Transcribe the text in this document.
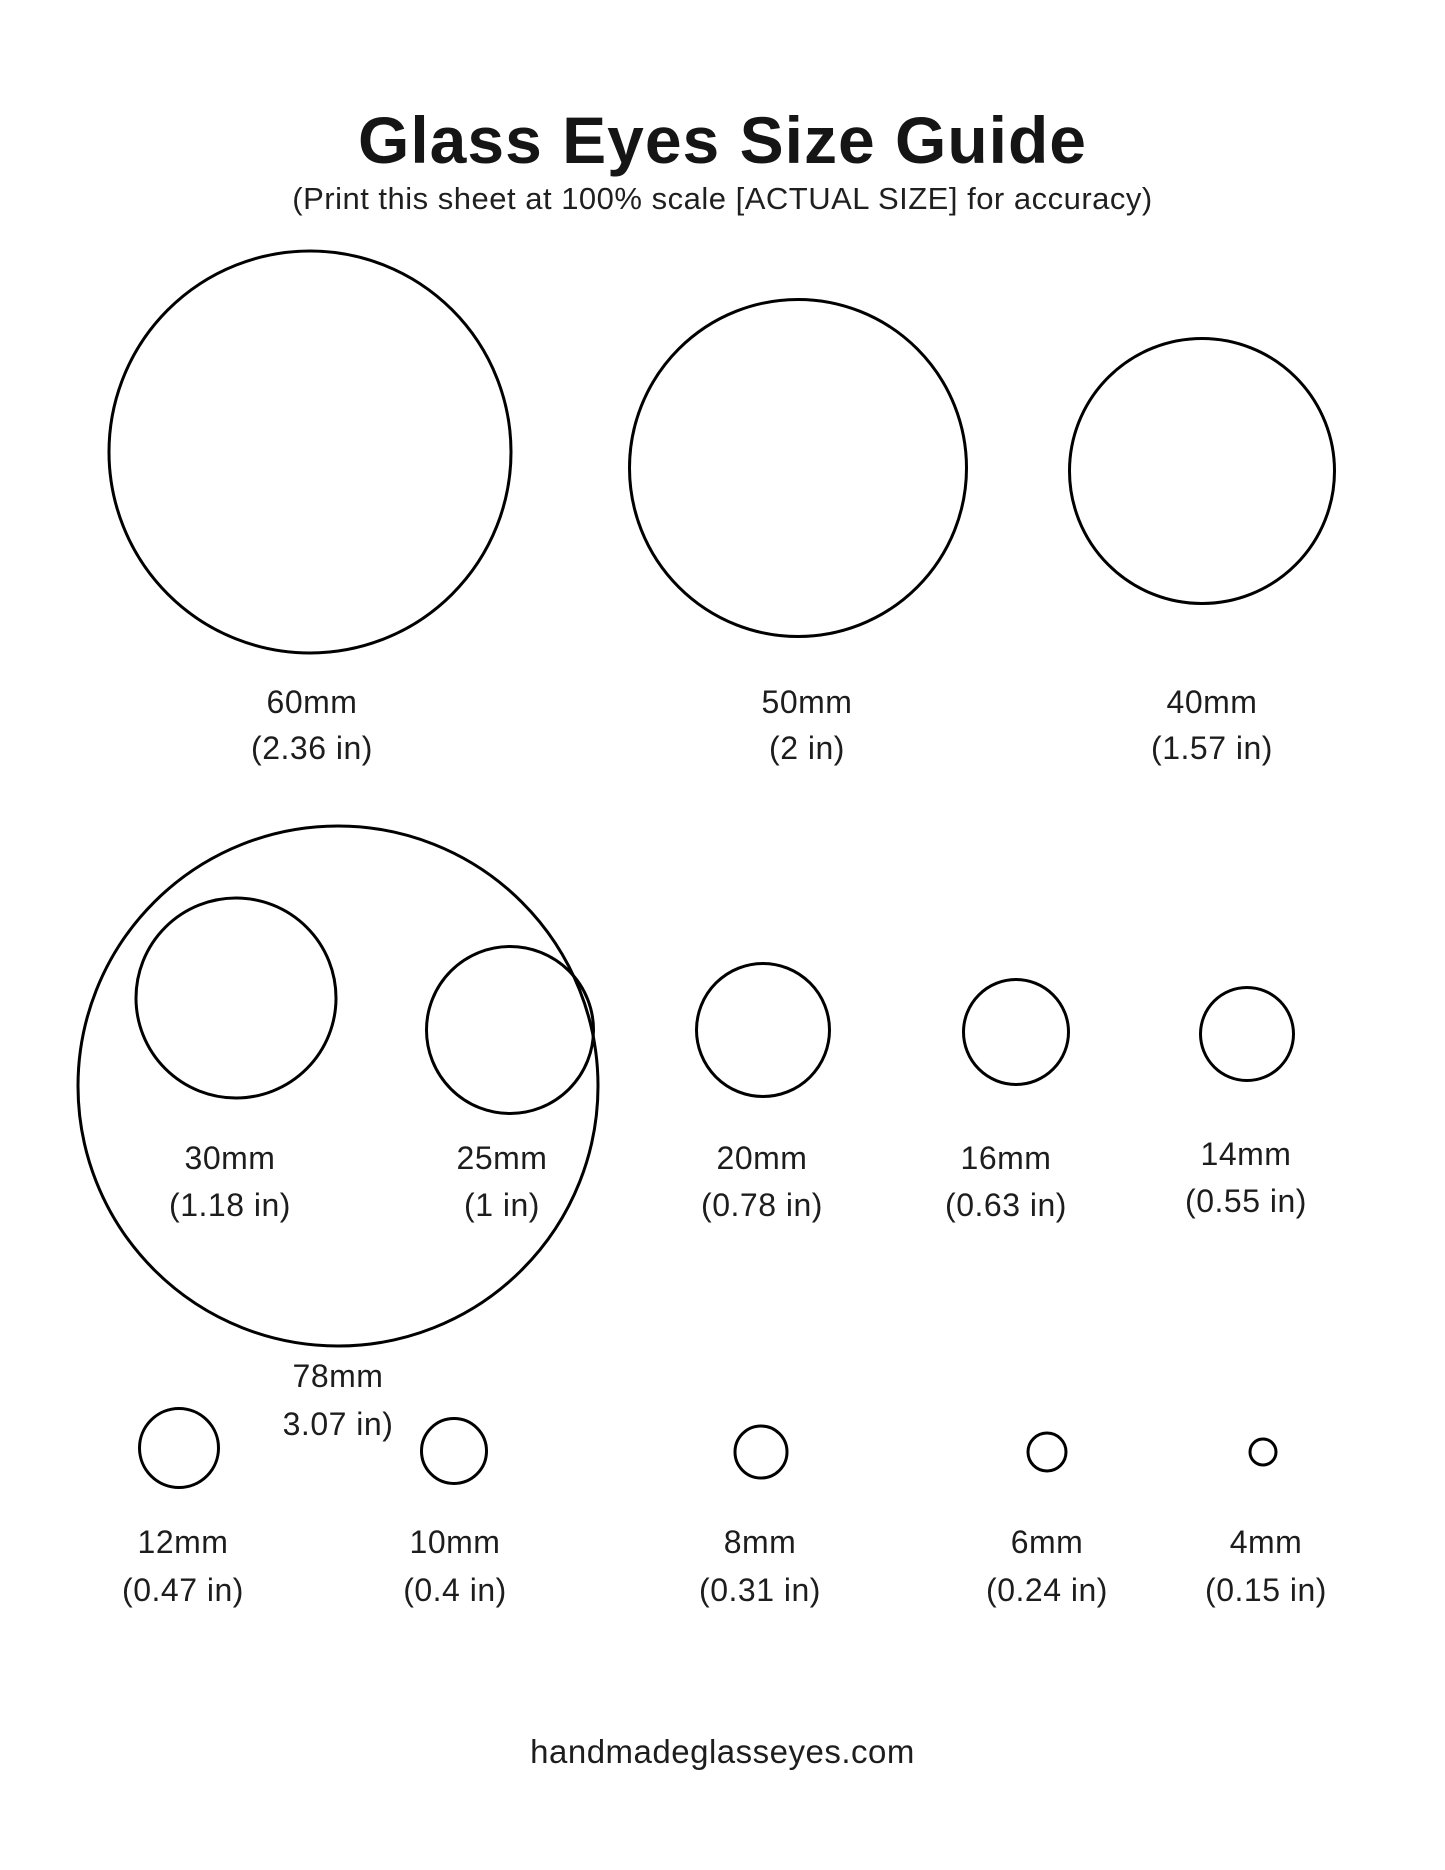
Glass Eyes Size Guide

(Print this sheet at 100% scale [ACTUAL SIZE] for accuracy)

60mm
(2.36 in)
50mm
(2 in)
40mm
(1.57 in)
78mm
3.07 in)
30mm
(1.18 in)
25mm
(1 in)
20mm
(0.78 in)
16mm
(0.63 in)
14mm
(0.55 in)
12mm
(0.47 in)
10mm
(0.4 in)
8mm
(0.31 in)
6mm
(0.24 in)
4mm
(0.15 in)
handmadeglasseyes.com
